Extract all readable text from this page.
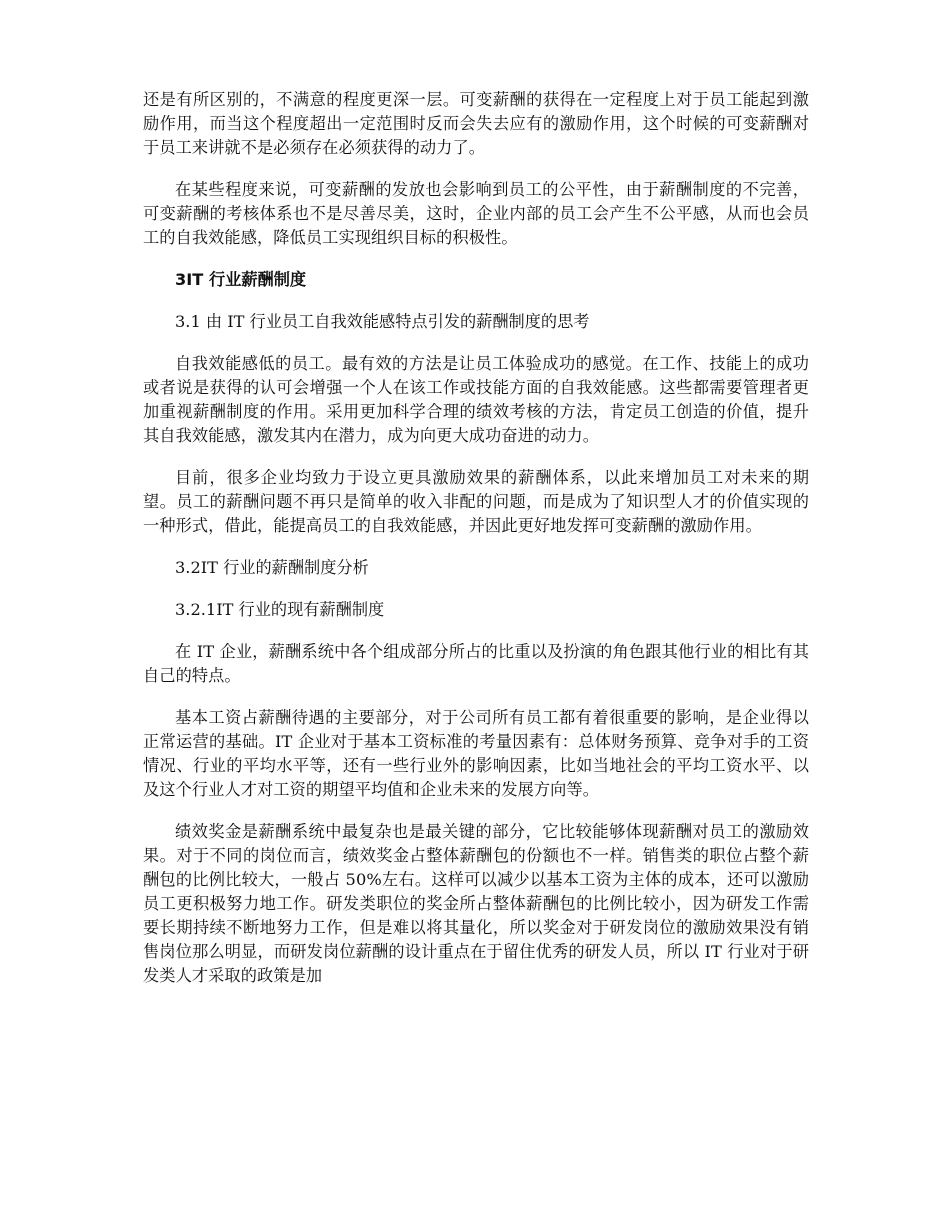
还是有所区别的，不满意的程度更深一层。可变薪酬的获得在一定程度上对于员工能起到激励作用，而当这个程度超出一定范围时反而会失去应有的激励作用，这个时候的可变薪酬对于员工来讲就不是必须存在必须获得的动力了。

在某些程度来说，可变薪酬的发放也会影响到员工的公平性，由于薪酬制度的不完善，可变薪酬的考核体系也不是尽善尽美，这时，企业内部的员工会产生不公平感，从而也会员工的自我效能感，降低员工实现组织目标的积极性。

3IT 行业薪酬制度

3.1 由 IT 行业员工自我效能感特点引发的薪酬制度的思考

自我效能感低的员工。最有效的方法是让员工体验成功的感觉。在工作、技能上的成功或者说是获得的认可会增强一个人在该工作或技能方面的自我效能感。这些都需要管理者更加重视薪酬制度的作用。采用更加科学合理的绩效考核的方法，肯定员工创造的价值，提升其自我效能感，激发其内在潜力，成为向更大成功奋进的动力。

目前，很多企业均致力于设立更具激励效果的薪酬体系，以此来增加员工对未来的期望。员工的薪酬问题不再只是简单的收入非配的问题，而是成为了知识型人才的价值实现的一种形式，借此，能提高员工的自我效能感，并因此更好地发挥可变薪酬的激励作用。

3.2IT 行业的薪酬制度分析

3.2.1IT 行业的现有薪酬制度

在 IT 企业，薪酬系统中各个组成部分所占的比重以及扮演的角色跟其他行业的相比有其自己的特点。

基本工资占薪酬待遇的主要部分，对于公司所有员工都有着很重要的影响，是企业得以正常运营的基础。IT 企业对于基本工资标准的考量因素有：总体财务预算、竞争对手的工资情况、行业的平均水平等，还有一些行业外的影响因素，比如当地社会的平均工资水平、以及这个行业人才对工资的期望平均值和企业未来的发展方向等。

绩效奖金是薪酬系统中最复杂也是最关键的部分，它比较能够体现薪酬对员工的激励效果。对于不同的岗位而言，绩效奖金占整体薪酬包的份额也不一样。销售类的职位占整个薪酬包的比例比较大，一般占 50%左右。这样可以减少以基本工资为主体的成本，还可以激励员工更积极努力地工作。研发类职位的奖金所占整体薪酬包的比例比较小，因为研发工作需要长期持续不断地努力工作，但是难以将其量化，所以奖金对于研发岗位的激励效果没有销售岗位那么明显，而研发岗位薪酬的设计重点在于留住优秀的研发人员，所以 IT 行业对于研发类人才采取的政策是加
